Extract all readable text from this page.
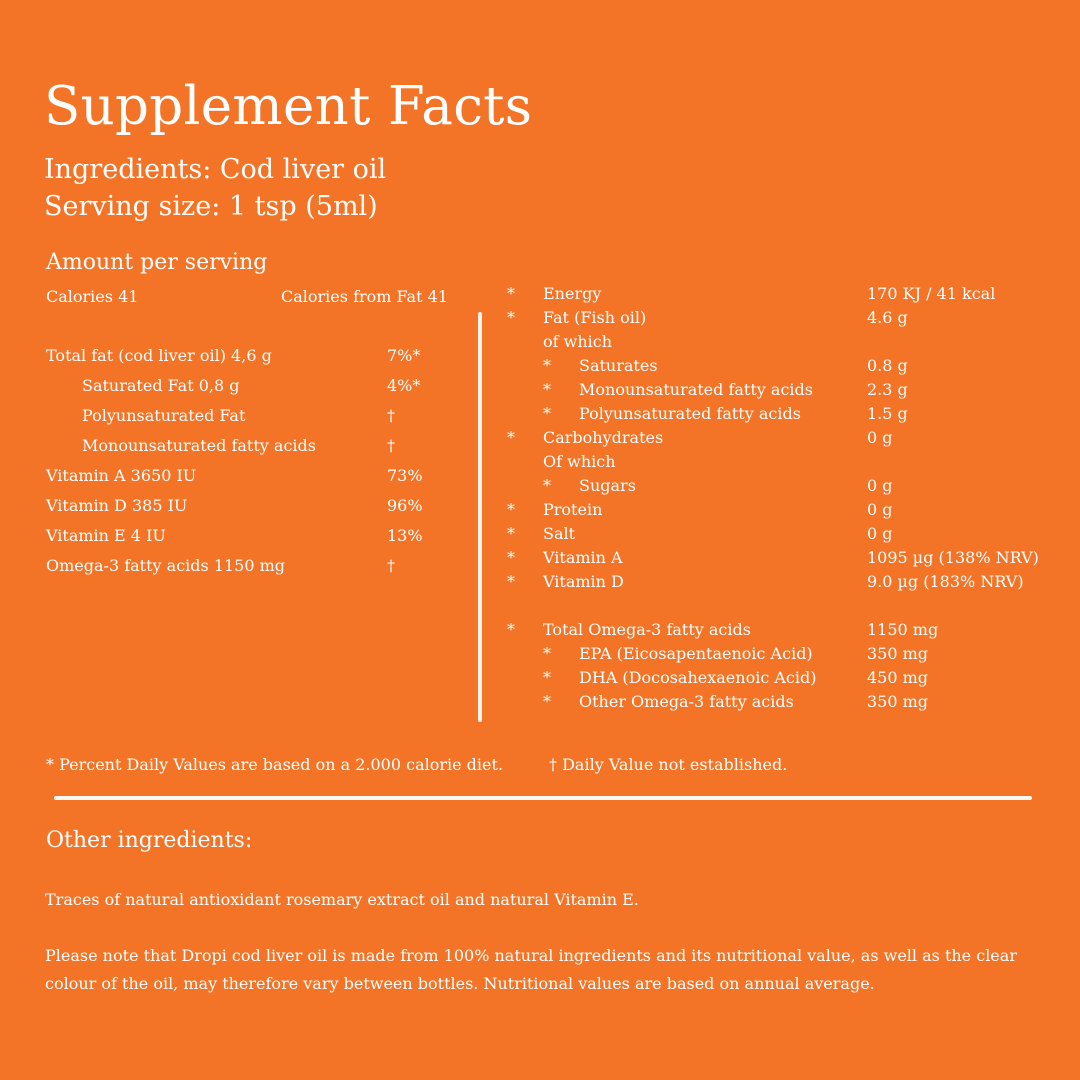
Supplement Facts
Ingredients: Cod liver oil
Serving size: 1 tsp (5ml)
Amount per serving
Calories 41	Calories from Fat 41
Total fat (cod liver oil) 4,6 g	7%*
Saturated Fat 0,8 g	4%*
Polyunsaturated Fat	†
Monounsaturated fatty acids	†
Vitamin A 3650 IU	73%
Vitamin D 385 IU	96%
Vitamin E 4 IU	13%
Omega-3 fatty acids 1150 mg	†
* Energy	170 KJ / 41 kcal
* Fat (Fish oil)	4.6 g
of which
* Saturates	0.8 g
* Monounsaturated fatty acids	2.3 g
* Polyunsaturated fatty acids	1.5 g
* Carbohydrates	0 g
Of which
* Sugars	0 g
* Protein	0 g
* Salt	0 g
* Vitamin A	1095 µg (138% NRV)
* Vitamin D	9.0 µg (183% NRV)
* Total Omega-3 fatty acids	1150 mg
* EPA (Eicosapentaenoic Acid)	350 mg
* DHA (Docosahexaenoic Acid)	450 mg
* Other Omega-3 fatty acids	350 mg
* Percent Daily Values are based on a 2.000 calorie diet.	† Daily Value not established.
Other ingredients:
Traces of natural antioxidant rosemary extract oil and natural Vitamin E.
Please note that Dropi cod liver oil is made from 100% natural ingredients and its nutritional value, as well as the clear colour of the oil, may therefore vary between bottles. Nutritional values are based on annual average.
